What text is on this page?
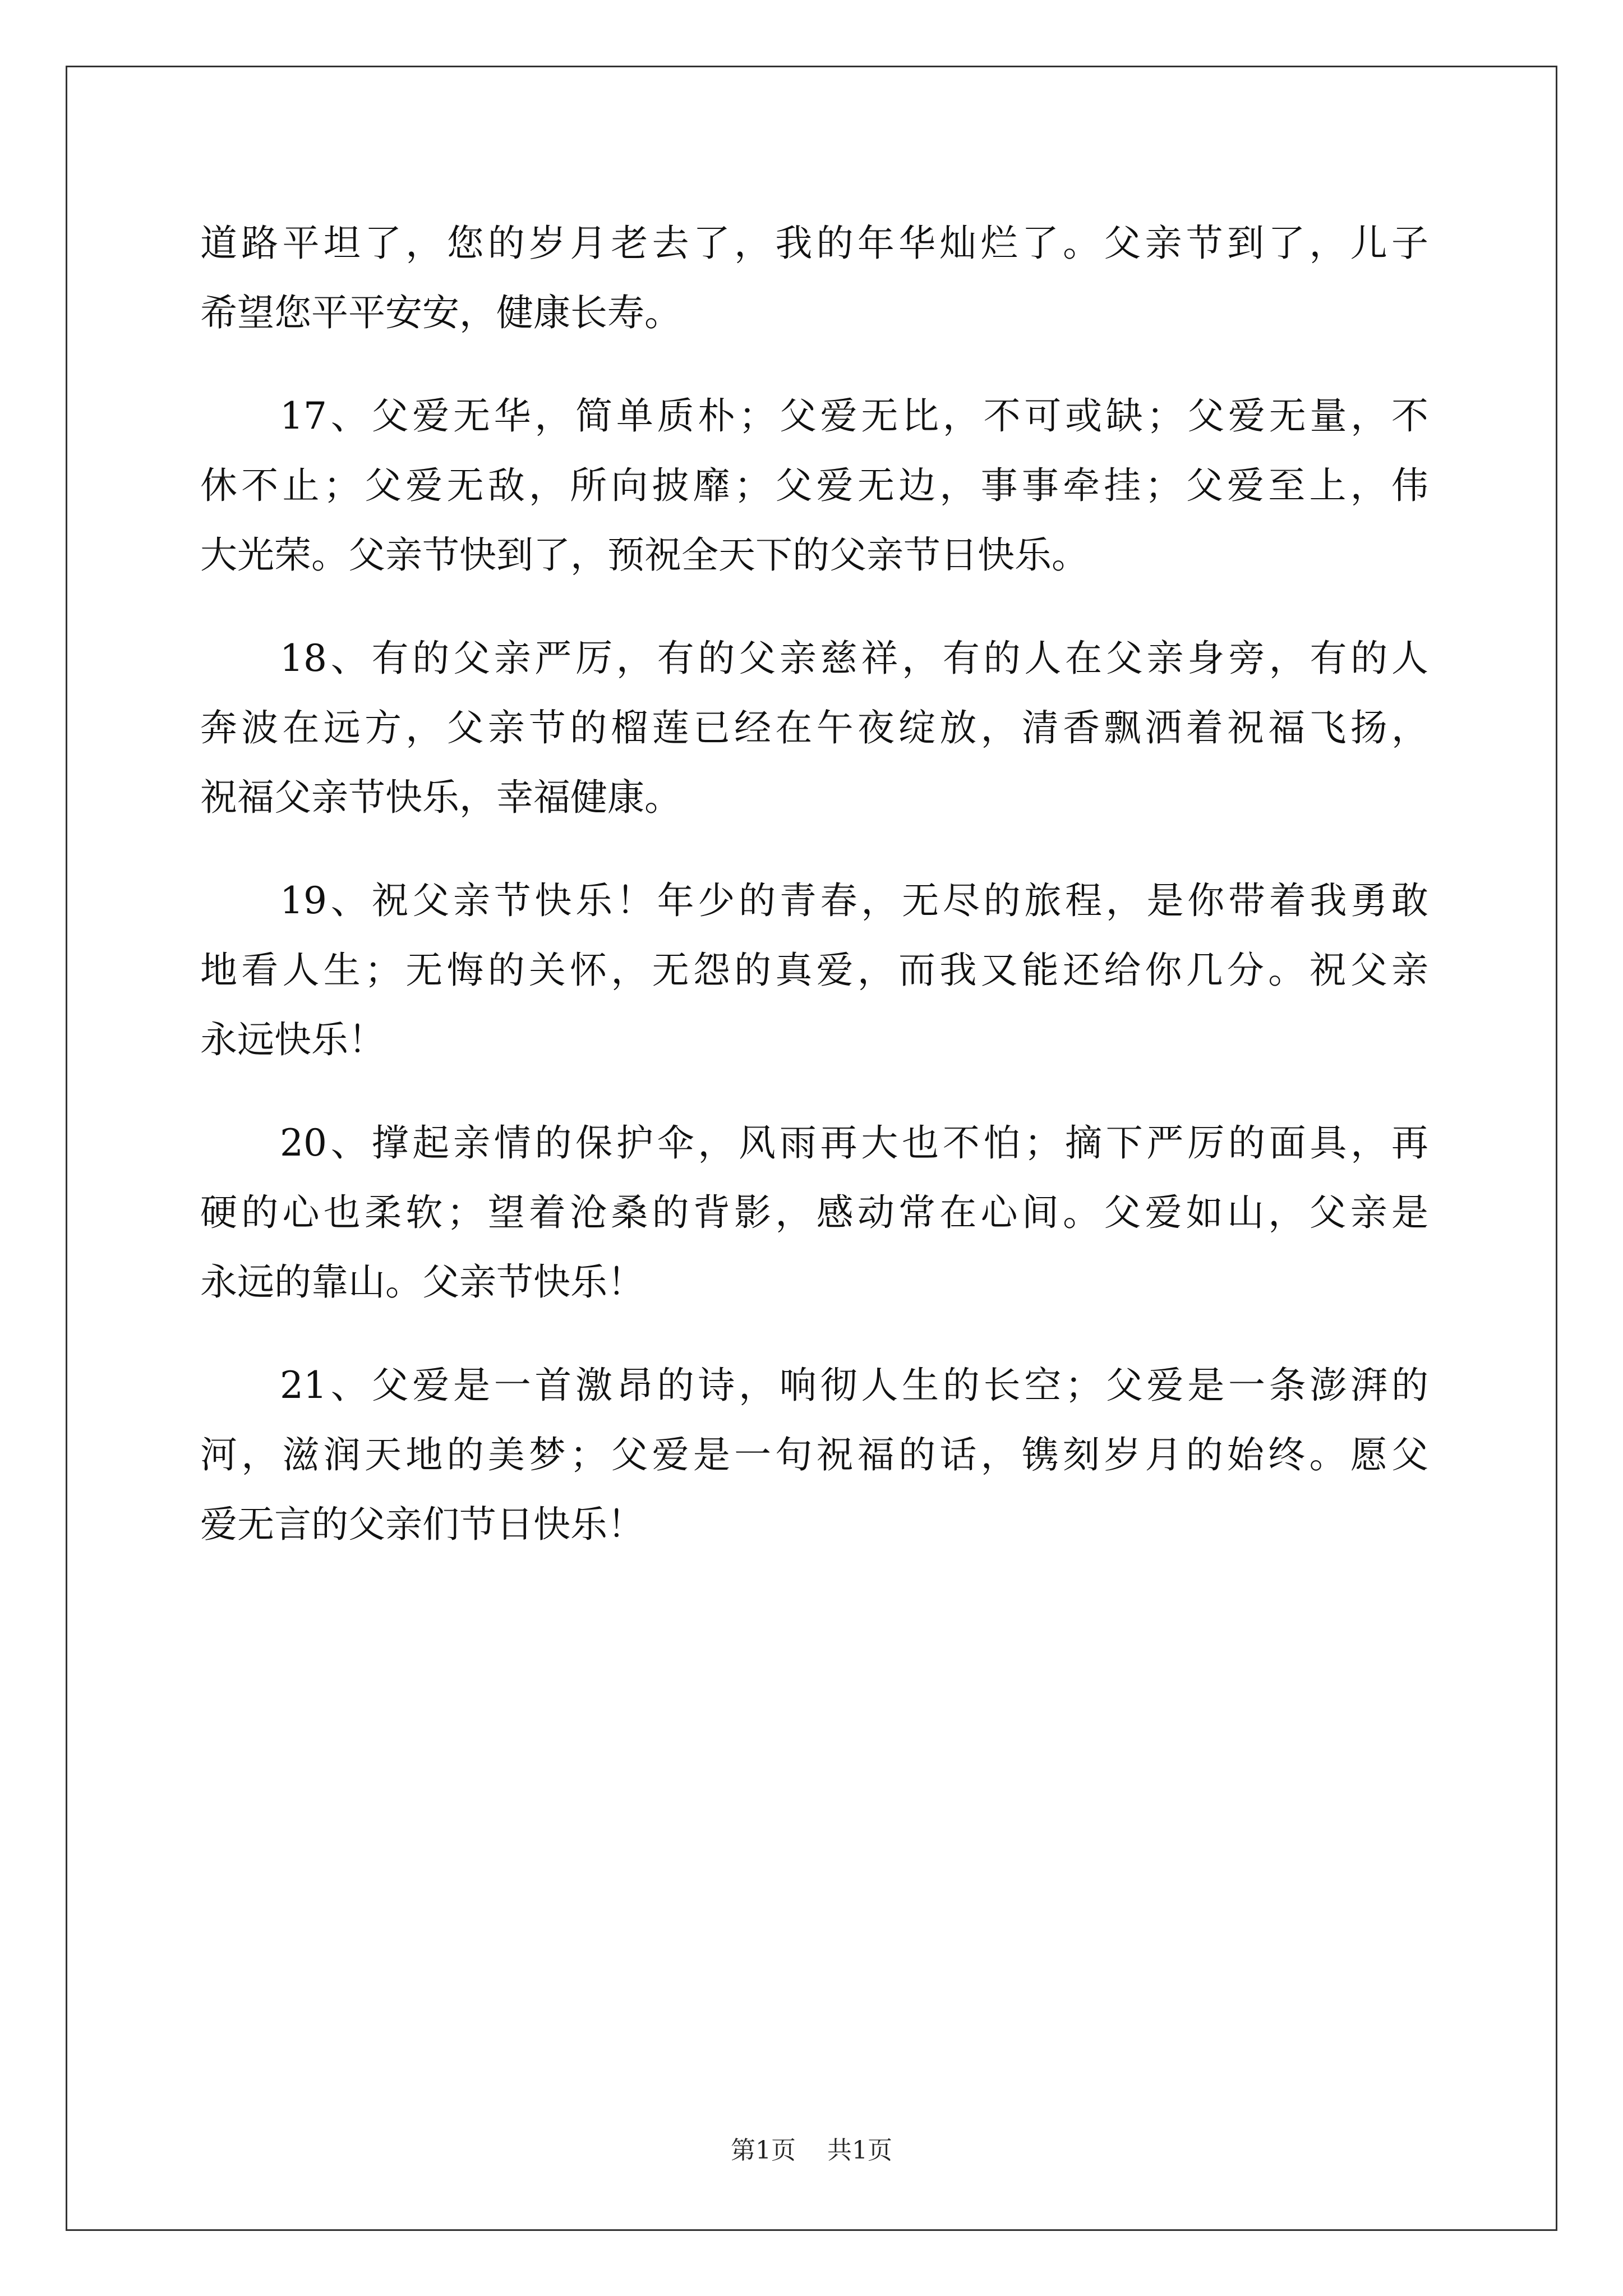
道路平坦了，您的岁月老去了，我的年华灿烂了。父亲节到了，儿子
希望您平平安安，健康长寿。
17、父爱无华，简单质朴；父爱无比，不可或缺；父爱无量，不
休不止；父爱无敌，所向披靡；父爱无边，事事牵挂；父爱至上，伟
大光荣。父亲节快到了，预祝全天下的父亲节日快乐。
18、有的父亲严厉，有的父亲慈祥，有的人在父亲身旁，有的人
奔波在远方，父亲节的榴莲已经在午夜绽放，清香飘洒着祝福飞扬，
祝福父亲节快乐，幸福健康。
19、祝父亲节快乐！年少的青春，无尽的旅程，是你带着我勇敢
地看人生；无悔的关怀，无怨的真爱，而我又能还给你几分。祝父亲
永远快乐！
20、撑起亲情的保护伞，风雨再大也不怕；摘下严厉的面具，再
硬的心也柔软；望着沧桑的背影，感动常在心间。父爱如山，父亲是
永远的靠山。父亲节快乐！
21、父爱是一首激昂的诗，响彻人生的长空；父爱是一条澎湃的
河，滋润天地的美梦；父爱是一句祝福的话，镌刻岁月的始终。愿父
爱无言的父亲们节日快乐！
第1页 共1页
